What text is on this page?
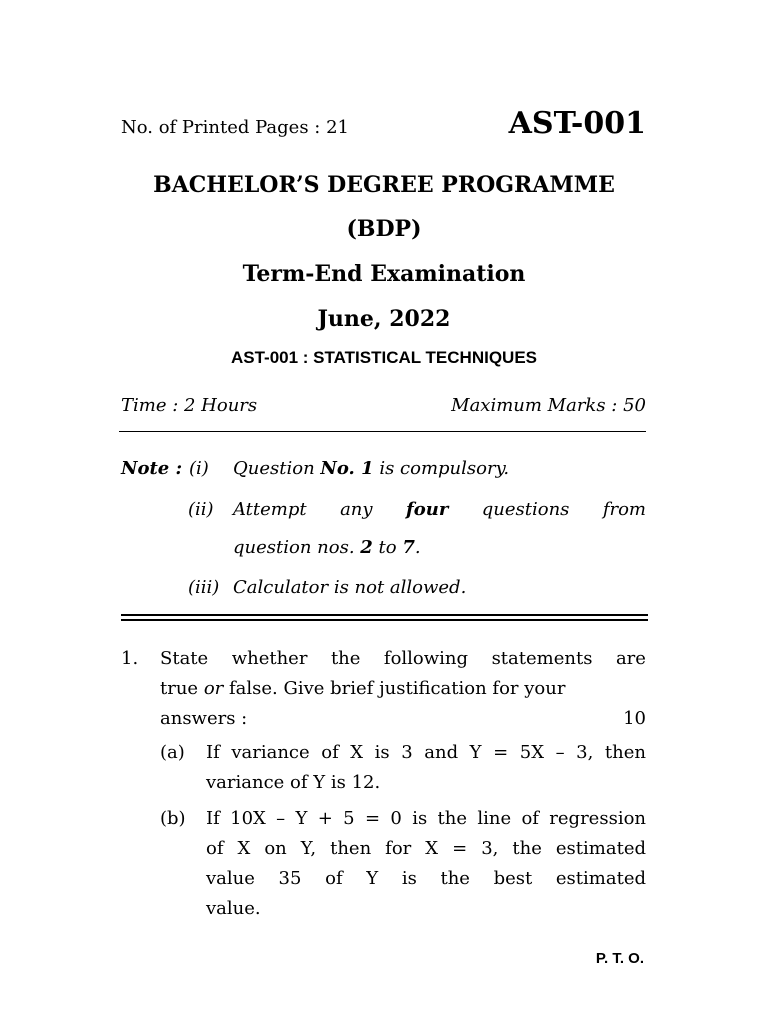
No. of Printed Pages : 21	AST-001
BACHELOR’S DEGREE PROGRAMME
(BDP)
Term-End Examination
June, 2022
AST-001 : STATISTICAL TECHNIQUES
Time : 2 Hours	Maximum Marks : 50
Note : (i) Question No. 1 is compulsory.
(ii) Attempt any four questions from
question nos. 2 to 7.
(iii) Calculator is not allowed.
1. State whether the following statements are
true or false. Give brief justification for your
answers :	10
(a) If variance of X is 3 and Y = 5X – 3, then
variance of Y is 12.
(b) If 10X – Y + 5 = 0 is the line of regression
of X on Y, then for X = 3, the estimated
value 35 of Y is the best estimated
value.
P. T. O.
